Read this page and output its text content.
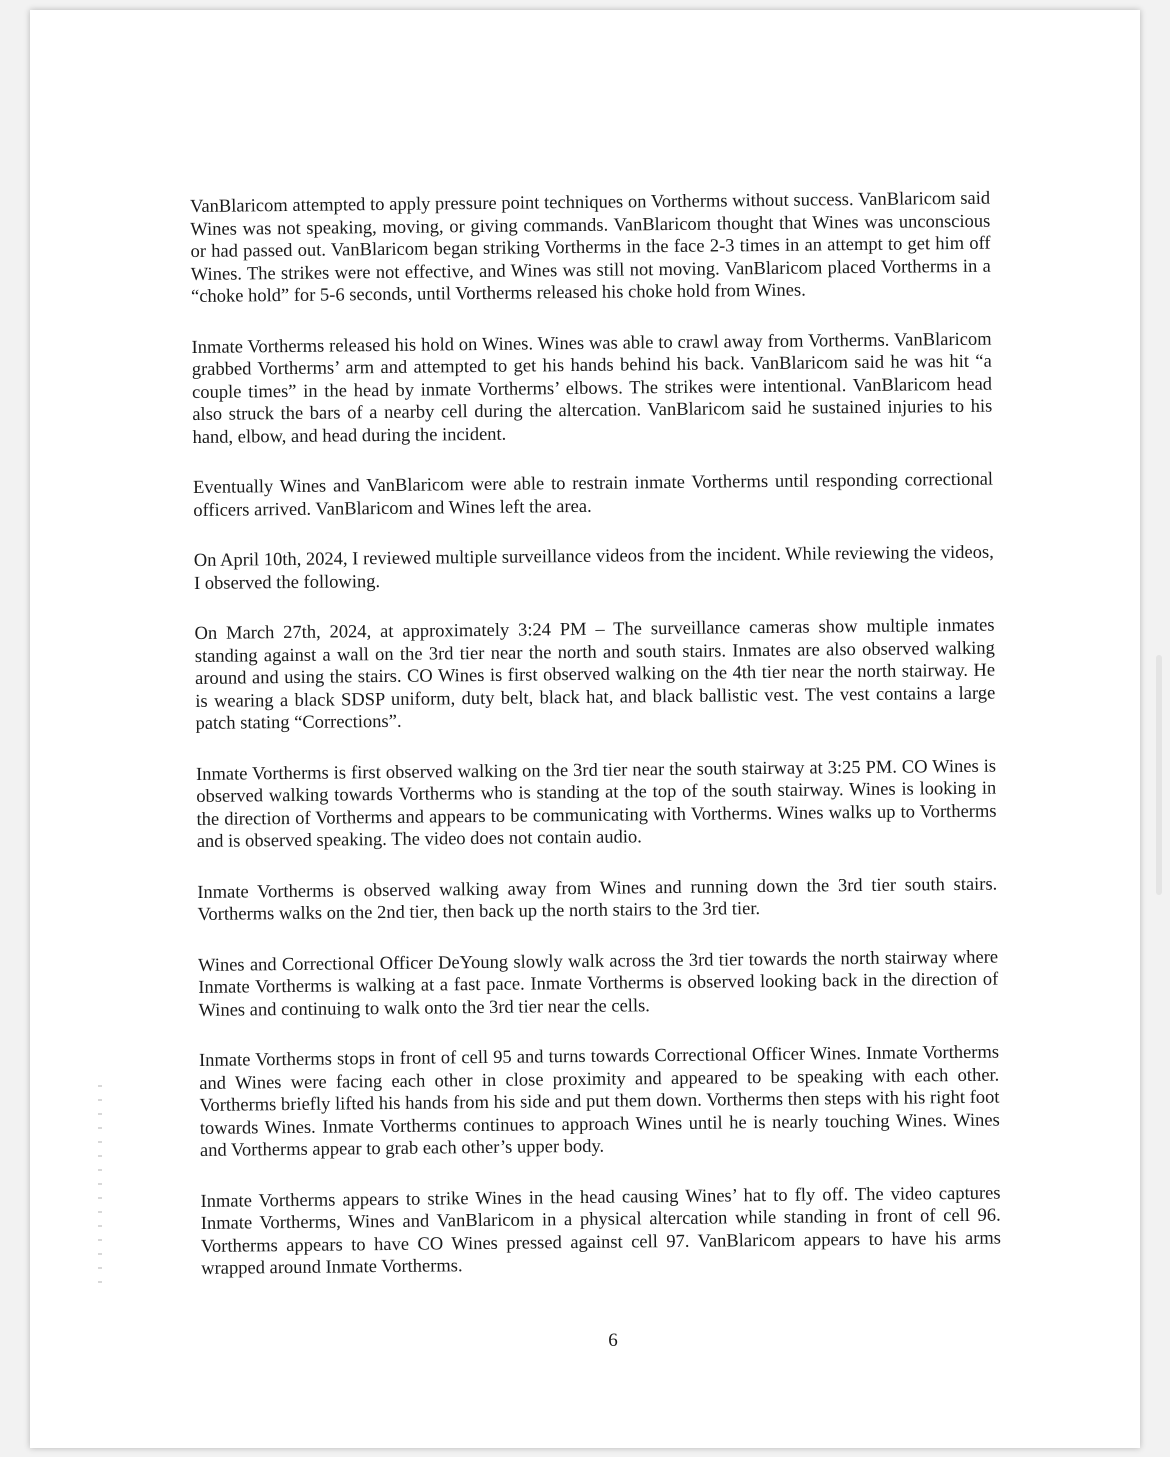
VanBlaricom attempted to apply pressure point techniques on Vortherms without success. VanBlaricom said Wines was not speaking, moving, or giving commands. VanBlaricom thought that Wines was unconscious or had passed out. VanBlaricom began striking Vortherms in the face 2-3 times in an attempt to get him off Wines. The strikes were not effective, and Wines was still not moving. VanBlaricom placed Vortherms in a “choke hold” for 5-6 seconds, until Vortherms released his choke hold from Wines.

Inmate Vortherms released his hold on Wines. Wines was able to crawl away from Vortherms. VanBlaricom grabbed Vortherms’ arm and attempted to get his hands behind his back. VanBlaricom said he was hit “a couple times” in the head by inmate Vortherms’ elbows. The strikes were intentional. VanBlaricom head also struck the bars of a nearby cell during the altercation. VanBlaricom said he sustained injuries to his hand, elbow, and head during the incident.

Eventually Wines and VanBlaricom were able to restrain inmate Vortherms until responding correctional officers arrived. VanBlaricom and Wines left the area.

On April 10th, 2024, I reviewed multiple surveillance videos from the incident. While reviewing the videos, I observed the following.

On March 27th, 2024, at approximately 3:24 PM – The surveillance cameras show multiple inmates standing against a wall on the 3rd tier near the north and south stairs. Inmates are also observed walking around and using the stairs. CO Wines is first observed walking on the 4th tier near the north stairway. He is wearing a black SDSP uniform, duty belt, black hat, and black ballistic vest. The vest contains a large patch stating “Corrections”.

Inmate Vortherms is first observed walking on the 3rd tier near the south stairway at 3:25 PM. CO Wines is observed walking towards Vortherms who is standing at the top of the south stairway. Wines is looking in the direction of Vortherms and appears to be communicating with Vortherms. Wines walks up to Vortherms and is observed speaking. The video does not contain audio.

Inmate Vortherms is observed walking away from Wines and running down the 3rd tier south stairs. Vortherms walks on the 2nd tier, then back up the north stairs to the 3rd tier.

Wines and Correctional Officer DeYoung slowly walk across the 3rd tier towards the north stairway where Inmate Vortherms is walking at a fast pace. Inmate Vortherms is observed looking back in the direction of Wines and continuing to walk onto the 3rd tier near the cells.

Inmate Vortherms stops in front of cell 95 and turns towards Correctional Officer Wines. Inmate Vortherms and Wines were facing each other in close proximity and appeared to be speaking with each other. Vortherms briefly lifted his hands from his side and put them down. Vortherms then steps with his right foot towards Wines. Inmate Vortherms continues to approach Wines until he is nearly touching Wines. Wines and Vortherms appear to grab each other’s upper body.

Inmate Vortherms appears to strike Wines in the head causing Wines’ hat to fly off. The video captures Inmate Vortherms, Wines and VanBlaricom in a physical altercation while standing in front of cell 96. Vortherms appears to have CO Wines pressed against cell 97. VanBlaricom appears to have his arms wrapped around Inmate Vortherms.

6
